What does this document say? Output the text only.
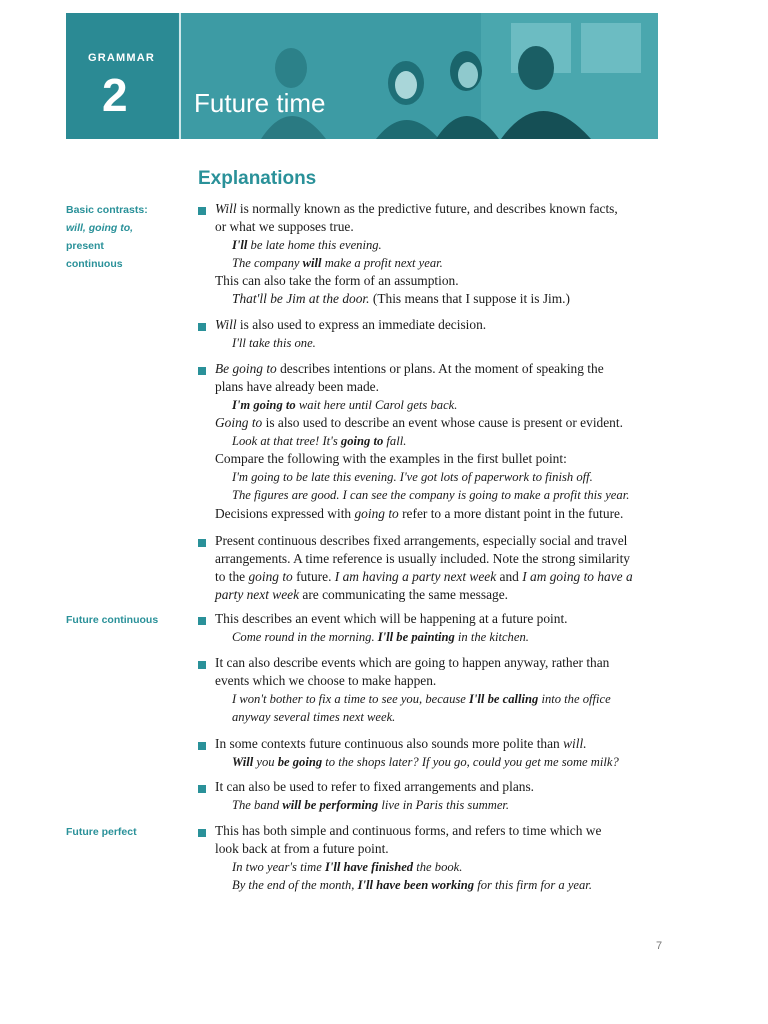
GRAMMAR
2	Future time
Explanations
Basic contrasts:
will, going to,
present
continuous
Future continuous
Future perfect
Will is normally known as the predictive future, and describes known facts,
or what we supposes true.
I'll be late home this evening.
The company will make a profit next year.
This can also take the form of an assumption.
That'll be Jim at the door. (This means that I suppose it is Jim.)
Will is also used to express an immediate decision.
I'll take this one.
Be going to describes intentions or plans. At the moment of speaking the
plans have already been made.
I'm going to wait here until Carol gets back.
Going to is also used to describe an event whose cause is present or evident.
Look at that tree! It's going to fall.
Compare the following with the examples in the first bullet point:
I'm going to be late this evening. I've got lots of paperwork to finish off.
The figures are good. I can see the company is going to make a profit this year.
Decisions expressed with going to refer to a more distant point in the future.
Present continuous describes fixed arrangements, especially social and travel
arrangements. A time reference is usually included. Note the strong similarity
to the going to future. I am having a party next week and I am going to have a
party next week are communicating the same message.
This describes an event which will be happening at a future point.
Come round in the morning. I'll be painting in the kitchen.
It can also describe events which are going to happen anyway, rather than
events which we choose to make happen.
I won't bother to fix a time to see you, because I'll be calling into the office
anyway several times next week.
In some contexts future continuous also sounds more polite than will.
Will you be going to the shops later? If you go, could you get me some milk?
It can also be used to refer to fixed arrangements and plans.
The band will be performing live in Paris this summer.
This has both simple and continuous forms, and refers to time which we
look back at from a future point.
In two year's time I'll have finished the book.
By the end of the month, I'll have been working for this firm for a year.
7
